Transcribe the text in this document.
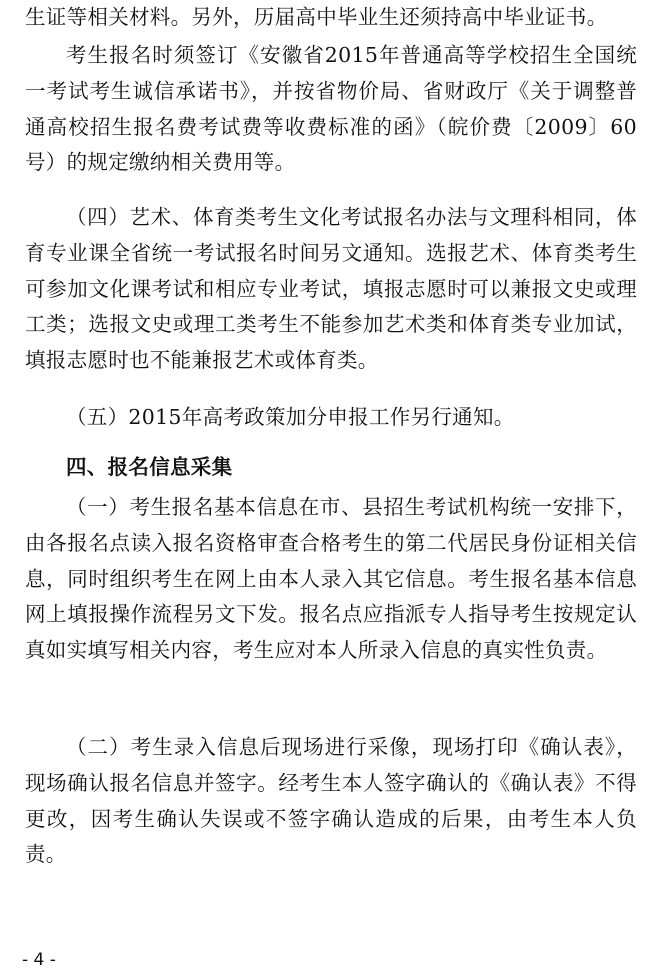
生证等相关材料。另外，历届高中毕业生还须持高中毕业证书。

考生报名时须签订《安徽省2015年普通高等学校招生全国统一考试考生诚信承诺书》，并按省物价局、省财政厅《关于调整普通高校招生报名费考试费等收费标准的函》（皖价费〔2009〕60号）的规定缴纳相关费用等。

（四）艺术、体育类考生文化考试报名办法与文理科相同，体育专业课全省统一考试报名时间另文通知。选报艺术、体育类考生可参加文化课考试和相应专业考试，填报志愿时可以兼报文史或理工类；选报文史或理工类考生不能参加艺术类和体育类专业加试，填报志愿时也不能兼报艺术或体育类。

（五）2015年高考政策加分申报工作另行通知。

四、报名信息采集

（一）考生报名基本信息在市、县招生考试机构统一安排下，由各报名点读入报名资格审查合格考生的第二代居民身份证相关信息，同时组织考生在网上由本人录入其它信息。考生报名基本信息网上填报操作流程另文下发。报名点应指派专人指导考生按规定认真如实填写相关内容，考生应对本人所录入信息的真实性负责。

（二）考生录入信息后现场进行采像，现场打印《确认表》，现场确认报名信息并签字。经考生本人签字确认的《确认表》不得更改，因考生确认失误或不签字确认造成的后果，由考生本人负责。

- 4 -
